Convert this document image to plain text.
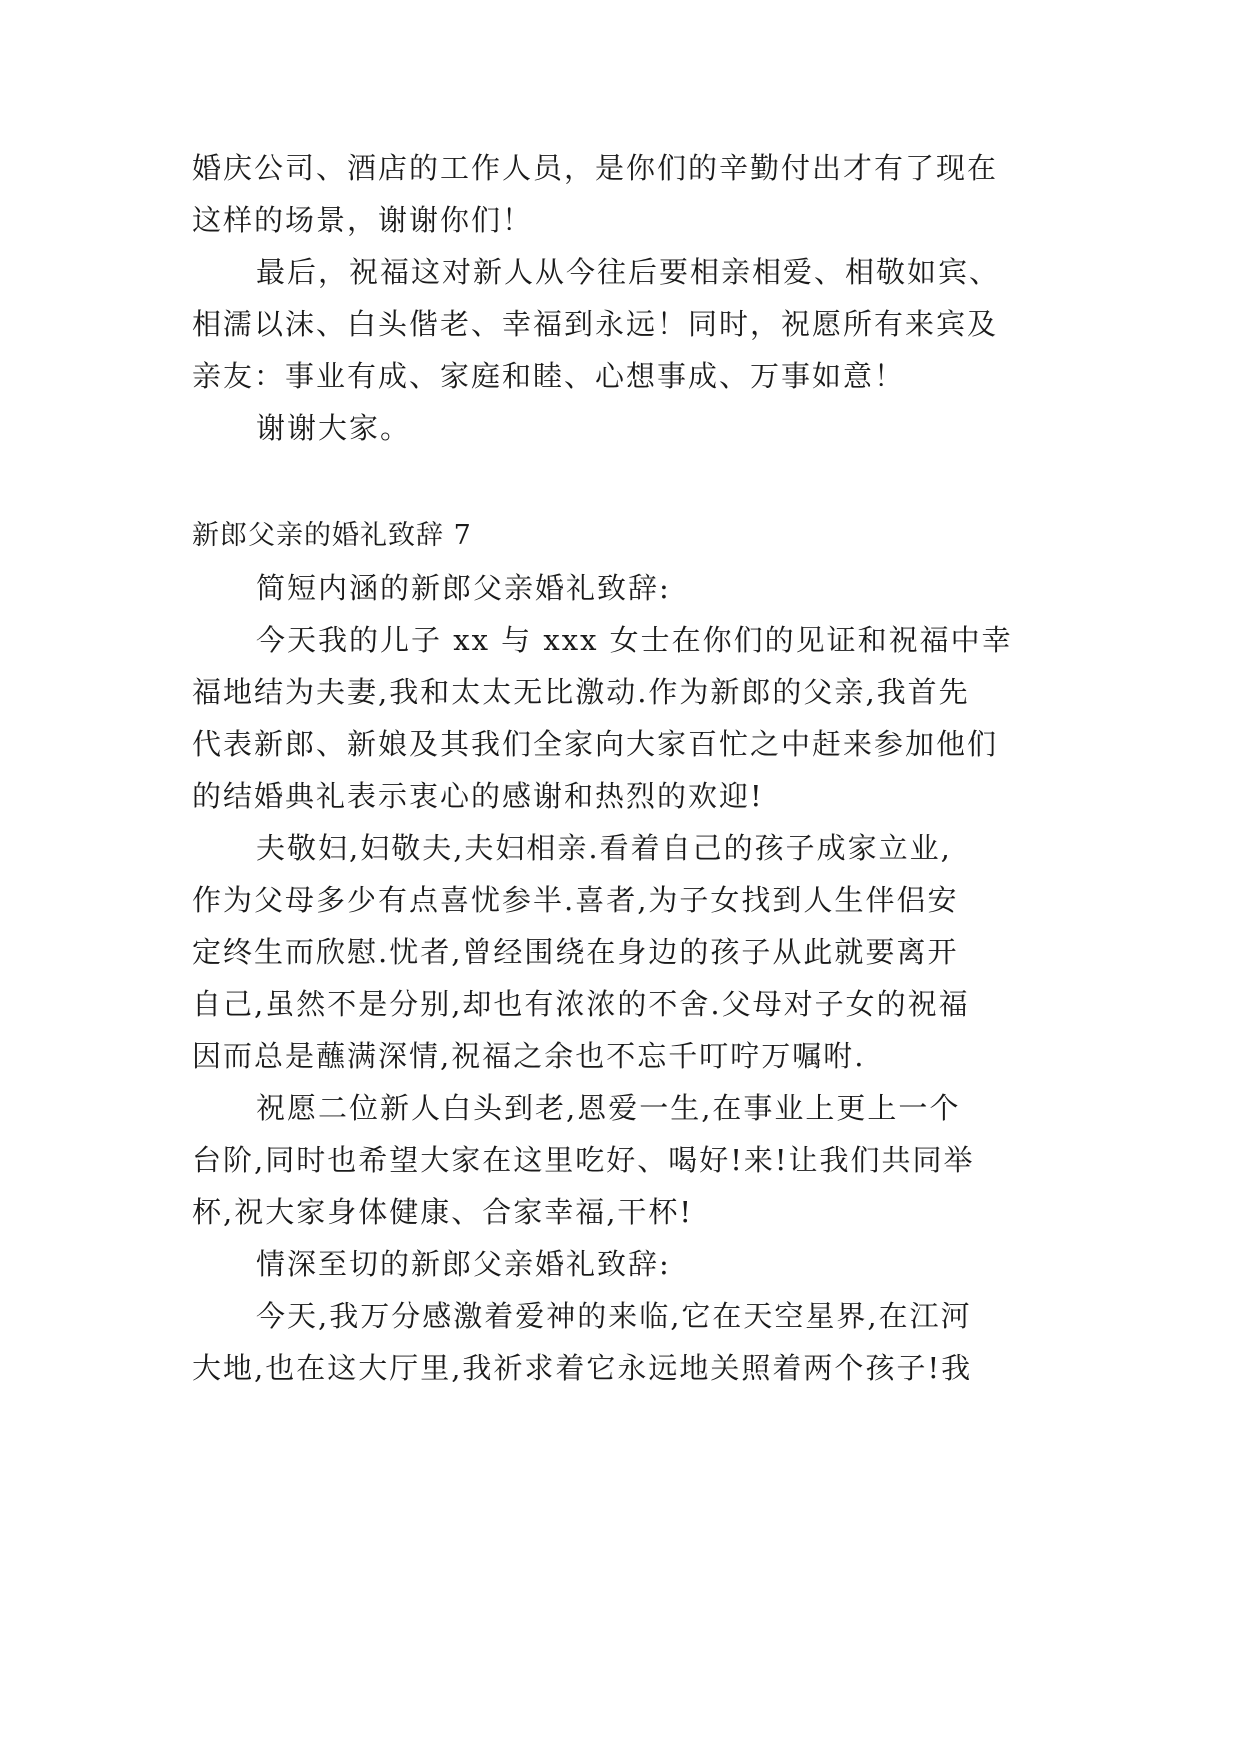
婚庆公司、酒店的工作人员，是你们的辛勤付出才有了现在
这样的场景，谢谢你们！
最后，祝福这对新人从今往后要相亲相爱、相敬如宾、
相濡以沫、白头偕老、幸福到永远！同时，祝愿所有来宾及
亲友：事业有成、家庭和睦、心想事成、万事如意！
谢谢大家。
新郎父亲的婚礼致辞 7
简短内涵的新郎父亲婚礼致辞:
今天我的儿子 xx 与 xxx 女士在你们的见证和祝福中幸
福地结为夫妻,我和太太无比激动.作为新郎的父亲,我首先
代表新郎、新娘及其我们全家向大家百忙之中赶来参加他们
的结婚典礼表示衷心的感谢和热烈的欢迎!
夫敬妇,妇敬夫,夫妇相亲.看着自己的孩子成家立业,
作为父母多少有点喜忧参半.喜者,为子女找到人生伴侣安
定终生而欣慰.忧者,曾经围绕在身边的孩子从此就要离开
自己,虽然不是分别,却也有浓浓的不舍.父母对子女的祝福
因而总是蘸满深情,祝福之余也不忘千叮咛万嘱咐.
祝愿二位新人白头到老,恩爱一生,在事业上更上一个
台阶,同时也希望大家在这里吃好、喝好!来!让我们共同举
杯,祝大家身体健康、合家幸福,干杯!
情深至切的新郎父亲婚礼致辞:
今天,我万分感激着爱神的来临,它在天空星界,在江河
大地,也在这大厅里,我祈求着它永远地关照着两个孩子!我
